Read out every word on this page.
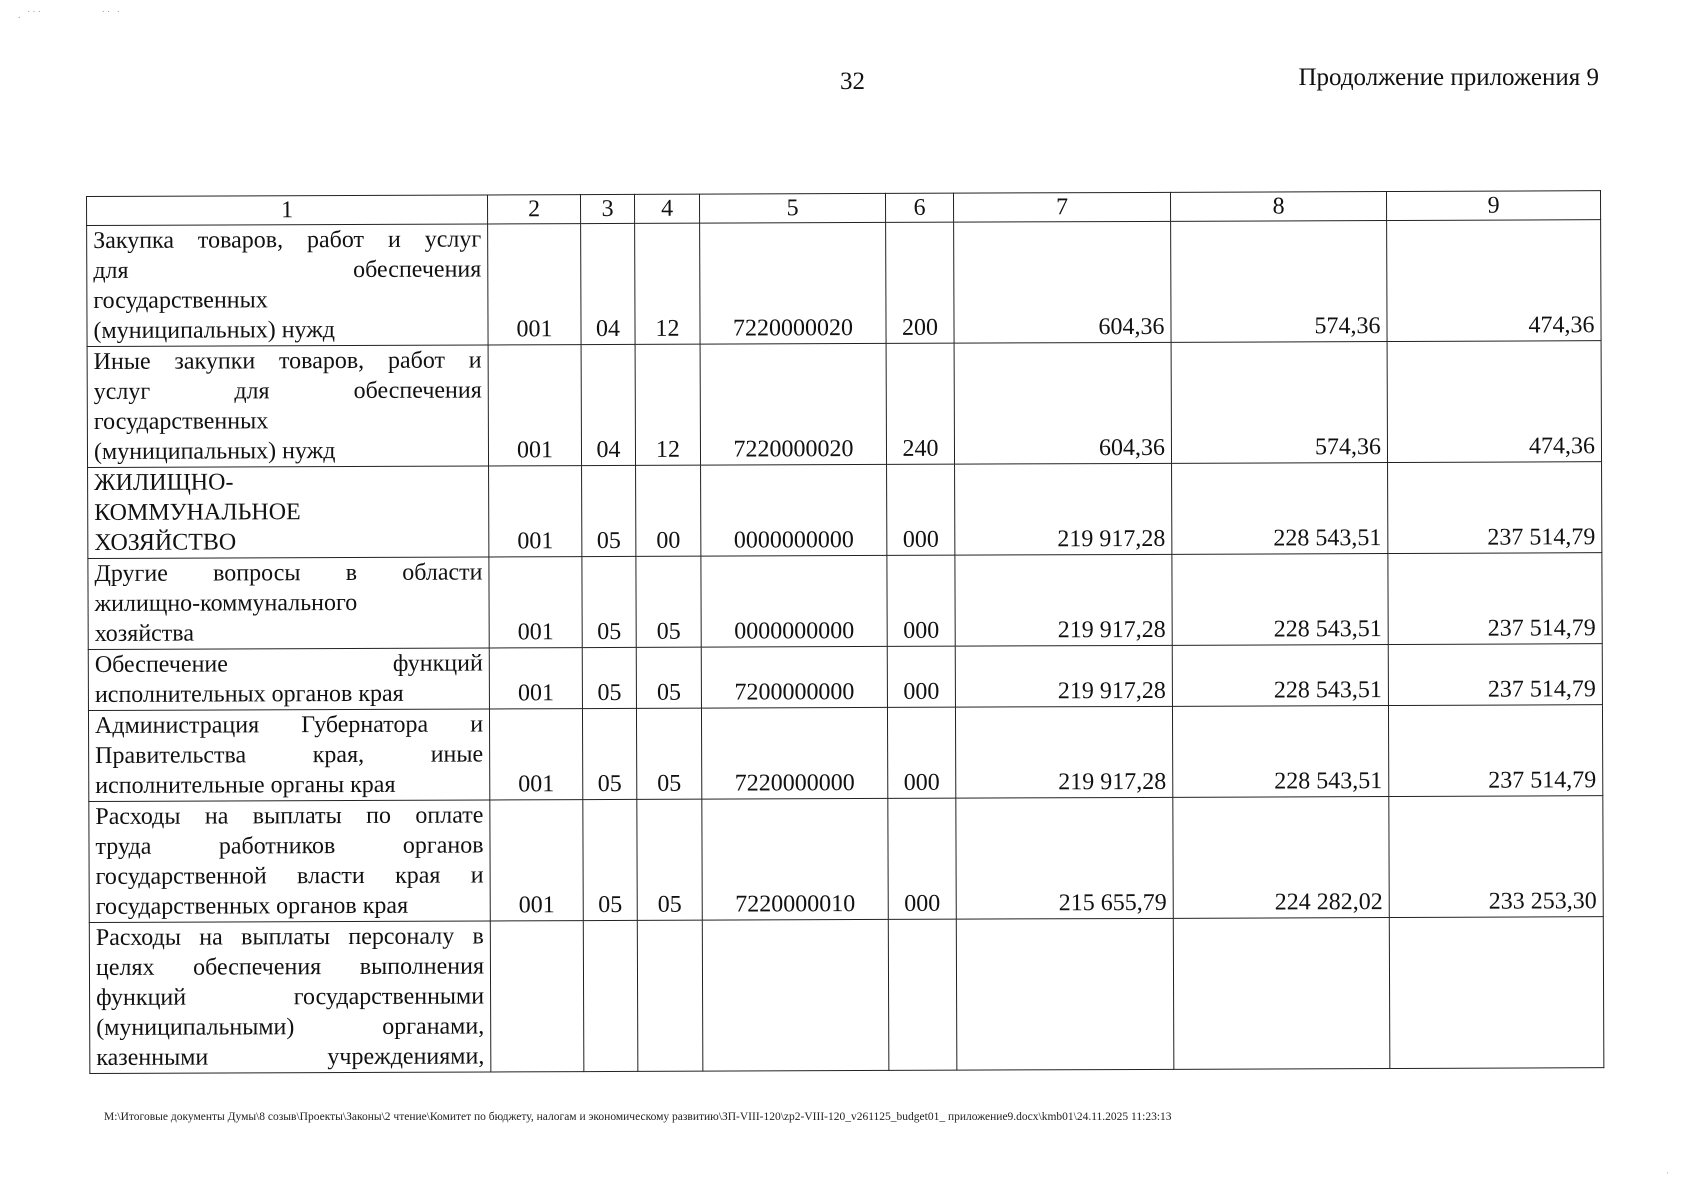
. ˙˙˙             ˙˙ ˙
32	Продолжение приложения 9
1	2	3	4	5	6	7	8	9

Закупка товаров, работ и услуг
для обеспечения
государственных
(муниципальных) нужд	001	04	12	7220000020	200	604,36	574,36	474,36

Иные закупки товаров, работ и
услуг для обеспечения
государственных
(муниципальных) нужд	001	04	12	7220000020	240	604,36	574,36	474,36

ЖИЛИЩНО-
КОММУНАЛЬНОЕ
ХОЗЯЙСТВО	001	05	00	0000000000	000	219 917,28	228 543,51	237 514,79

Другие вопросы в области
жилищно-коммунального
хозяйства	001	05	05	0000000000	000	219 917,28	228 543,51	237 514,79

Обеспечение функций
исполнительных органов края	001	05	05	7200000000	000	219 917,28	228 543,51	237 514,79

Администрация Губернатора и
Правительства края, иные
исполнительные органы края	001	05	05	7220000000	000	219 917,28	228 543,51	237 514,79

Расходы на выплаты по оплате
труда работников органов
государственной власти края и
государственных органов края	001	05	05	7220000010	000	215 655,79	224 282,02	233 253,30

Расходы на выплаты персоналу в
целях обеспечения выполнения
функций государственными
(муниципальными) органами,
казенными учреждениями,								

М:\Итоговые документы Думы\8 созыв\Проекты\Законы\2 чтение\Комитет по бюджету, налогам и экономическому развитию\ЗП-VIII-120\zp2-VIII-120_v261125_budget01_ приложение9.docx\kmb01\24.11.2025 11:23:13
·
